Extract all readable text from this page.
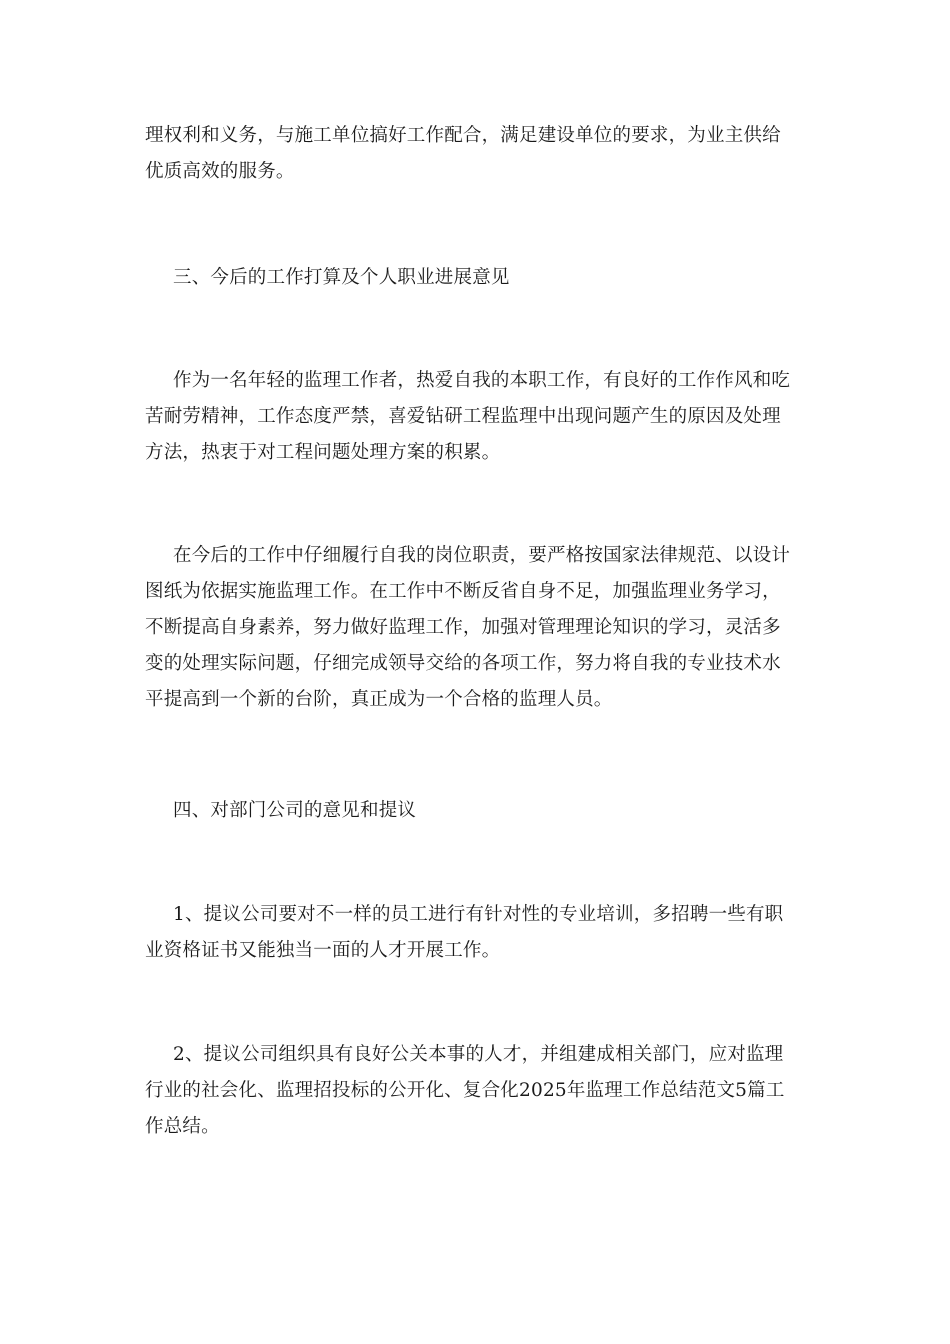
理权利和义务，与施工单位搞好工作配合，满足建设单位的要求，为业主供给
优质高效的服务。
三、今后的工作打算及个人职业进展意见
作为一名年轻的监理工作者，热爱自我的本职工作，有良好的工作作风和吃
苦耐劳精神，工作态度严禁，喜爱钻研工程监理中出现问题产生的原因及处理
方法，热衷于对工程问题处理方案的积累。
在今后的工作中仔细履行自我的岗位职责，要严格按国家法律规范、以设计
图纸为依据实施监理工作。在工作中不断反省自身不足，加强监理业务学习，
不断提高自身素养，努力做好监理工作，加强对管理理论知识的学习，灵活多
变的处理实际问题，仔细完成领导交给的各项工作，努力将自我的专业技术水
平提高到一个新的台阶，真正成为一个合格的监理人员。
四、对部门公司的意见和提议
1、提议公司要对不一样的员工进行有针对性的专业培训，多招聘一些有职
业资格证书又能独当一面的人才开展工作。
2、提议公司组织具有良好公关本事的人才，并组建成相关部门，应对监理
行业的社会化、监理招投标的公开化、复合化2025年监理工作总结范文5篇工
作总结。
